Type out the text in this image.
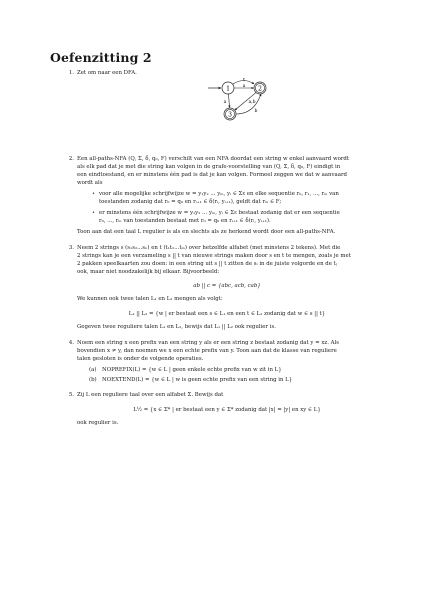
Oefenzitting 2
1. Zet om naar een DFA.
1	2
3
ε
a
a	a,b
b
2. Een all-paths-NFA (Q, Σ, δ, q₀, F) verschilt van een NFA doordat een string w enkel aanvaard wordt
als elk pad dat je met die string kan volgen in de grafe-voorstelling van (Q, Σ, δ, q₀, F) eindigt in
een eindtoestand, en er minstens één pad is dat je kan volgen. Formeel zeggen we dat w aanvaard
wordt als
• voor alle mogelijke schrijfwijze w = y₁y₂ ... yₘ, yᵢ ∈ Σε en elke sequentie r₀, r₁, ..., rₘ van
toestanden zodanig dat r₀ = q₀ en rᵢ₊₁ ∈ δ(rᵢ, yᵢ₊₁), geldt dat rₘ ∈ F;
• er minstens één schrijfwijze w = y₁y₂ ... yₘ, yᵢ ∈ Σε bestaat zodanig dat er een sequentie
r₀, ..., rₘ van toestanden bestaat met r₀ = q₀ en rᵢ₊₁ ∈ δ(rᵢ, yᵢ₊₁).
Toon aan dat een taal L regulier is als en slechts als ze herkend wordt door een all-paths-NFA.
3. Neem 2 strings s (s₁s₂...sₙ) en t (t₁t₂...tₘ) over hetzelfde alfabet (met minstens 2 tekens). Met die
2 strings kan je een verzameling s || t van nieuwe strings maken door s en t te mengen, zoals je met
2 pakken speelkaarten zou doen: in een string uit s || t zitten de sᵢ in de juiste volgorde en de tⱼ
ook, maar niet noodzakelijk bij elkaar. Bijvoorbeeld:
ab || c = {abc, acb, cab}
We kunnen ook twee talen L₁ en L₂ mengen als volgt:
L₁ || L₂ = {w | er bestaat een s ∈ L₁ en een t ∈ L₂ zodanig dat w ∈ s || t}
Gegeven twee reguliere talen L₁ en L₂, bewijs dat L₁ || L₂ ook regulier is.
4. Noem een string x een prefix van een string y als er een string z bestaat zodanig dat y = xz. Als
bovendien x ≠ y, dan noemen we x een echte prefix van y. Toon aan dat de klasse van reguliere
talen gesloten is onder de volgende operaties.
(a) NOPREFIX(L) = {w ∈ L | geen enkele echte prefix van w zit in L}
(b) NOEXTEND(L) = {w ∈ L | w is geen echte prefix van een string in L}
5. Zij L een reguliere taal over een alfabet Σ. Bewijs dat
L½ = {x ∈ Σ* | er bestaat een y ∈ Σ* zodanig dat |x| = |y| en xy ∈ L}
ook regulier is.
